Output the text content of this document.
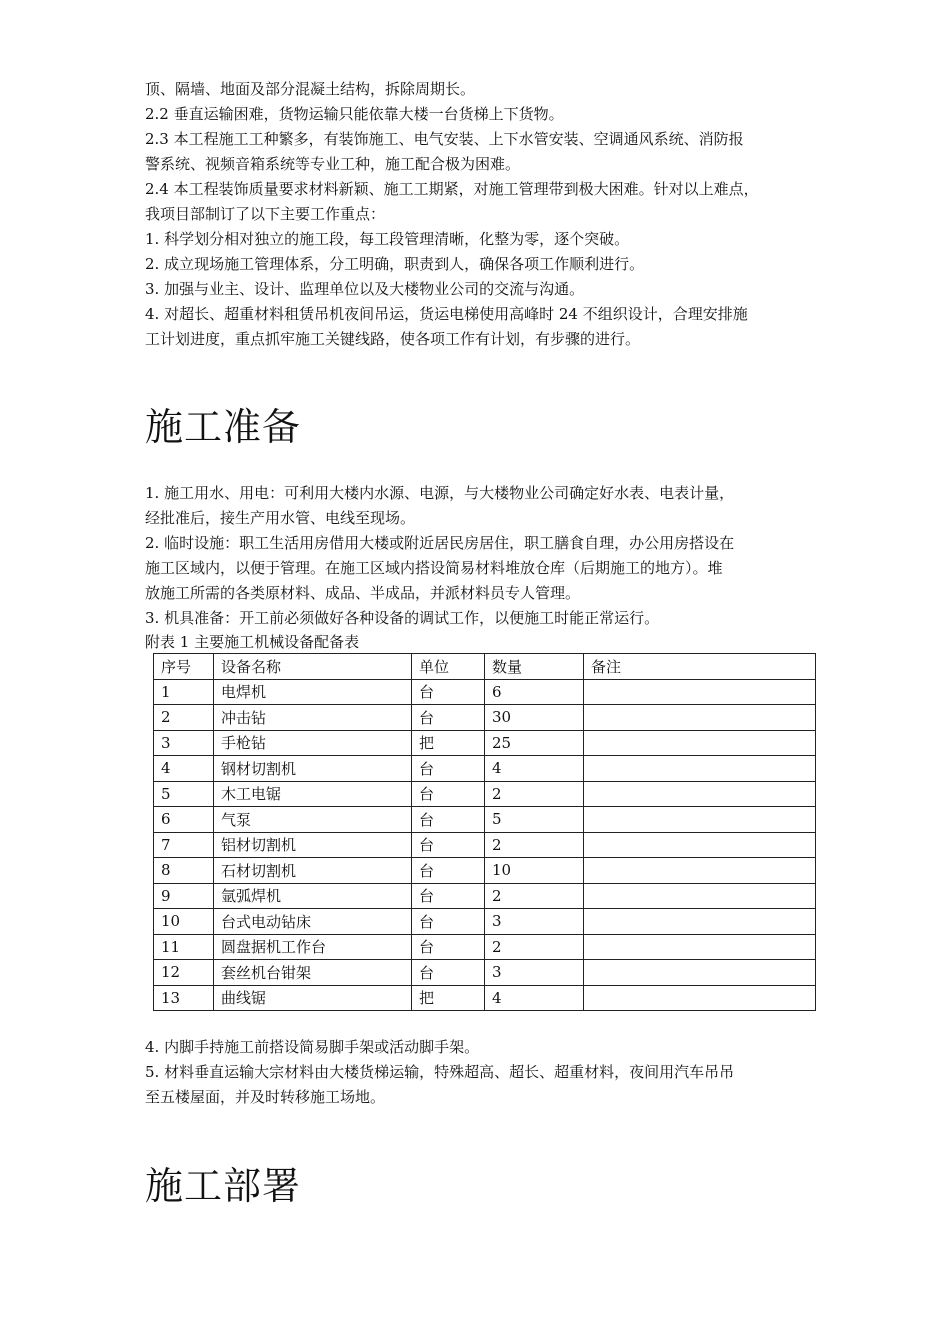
顶、隔墙、地面及部分混凝土结构，拆除周期长。

2.2 垂直运输困难，货物运输只能依靠大楼一台货梯上下货物。

2.3 本工程施工工种繁多，有装饰施工、电气安装、上下水管安装、空调通风系统、消防报

警系统、视频音箱系统等专业工种，施工配合极为困难。

2.4 本工程装饰质量要求材料新颖、施工工期紧，对施工管理带到极大困难。针对以上难点，

我项目部制订了以下主要工作重点：

1. 科学划分相对独立的施工段，每工段管理清晰，化整为零，逐个突破。

2. 成立现场施工管理体系，分工明确，职责到人，确保各项工作顺利进行。

3. 加强与业主、设计、监理单位以及大楼物业公司的交流与沟通。

4. 对超长、超重材料租赁吊机夜间吊运，货运电梯使用高峰时 24 不组织设计，合理安排施

工计划进度，重点抓牢施工关键线路，使各项工作有计划，有步骤的进行。

施工准备

1. 施工用水、用电：可利用大楼内水源、电源，与大楼物业公司确定好水表、电表计量，

经批准后，接生产用水管、电线至现场。

2. 临时设施：职工生活用房借用大楼或附近居民房居住，职工膳食自理，办公用房搭设在

施工区域内，以便于管理。在施工区域内搭设简易材料堆放仓库（后期施工的地方）。堆

放施工所需的各类原材料、成品、半成品，并派材料员专人管理。

3. 机具准备：开工前必须做好各种设备的调试工作，以便施工时能正常运行。

附表 1 主要施工机械设备配备表

序号	设备名称	单位	数量	备注
1	电焊机	台	6	
2	冲击钻	台	30	
3	手枪钻	把	25	
4	钢材切割机	台	4	
5	木工电锯	台	2	
6	气泵	台	5	
7	铝材切割机	台	2	
8	石材切割机	台	10	
9	氩弧焊机	台	2	
10	台式电动钻床	台	3	
11	圆盘据机工作台	台	2	
12	套丝机台钳架	台	3	
13	曲线锯	把	4	

4. 内脚手持施工前搭设简易脚手架或活动脚手架。

5. 材料垂直运输大宗材料由大楼货梯运输，特殊超高、超长、超重材料，夜间用汽车吊吊

至五楼屋面，并及时转移施工场地。

施工部署
